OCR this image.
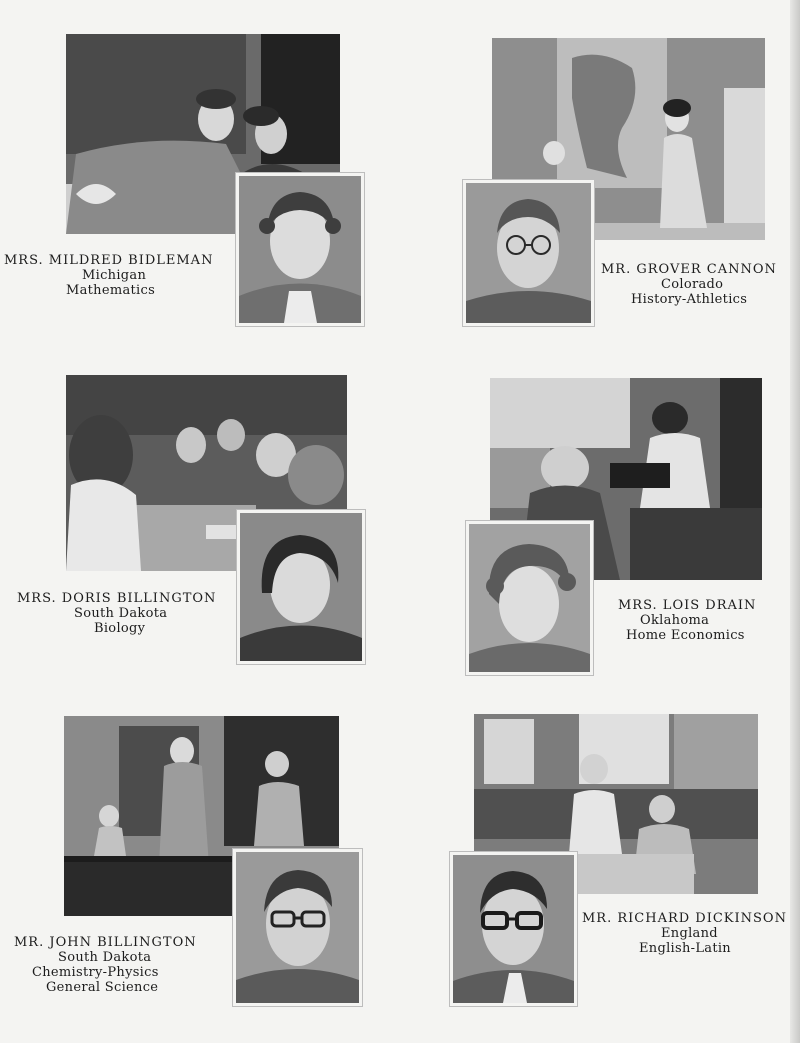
MRS. MILDRED BIDLEMAN
Michigan
Mathematics
MR. GROVER CANNON
Colorado
History-Athletics
MRS. DORIS BILLINGTON
South Dakota
Biology
MRS. LOIS DRAIN
Oklahoma
Home Economics
MR. JOHN BILLINGTON
South Dakota
Chemistry-Physics
General Science
MR. RICHARD DICKINSON
England
English-Latin
